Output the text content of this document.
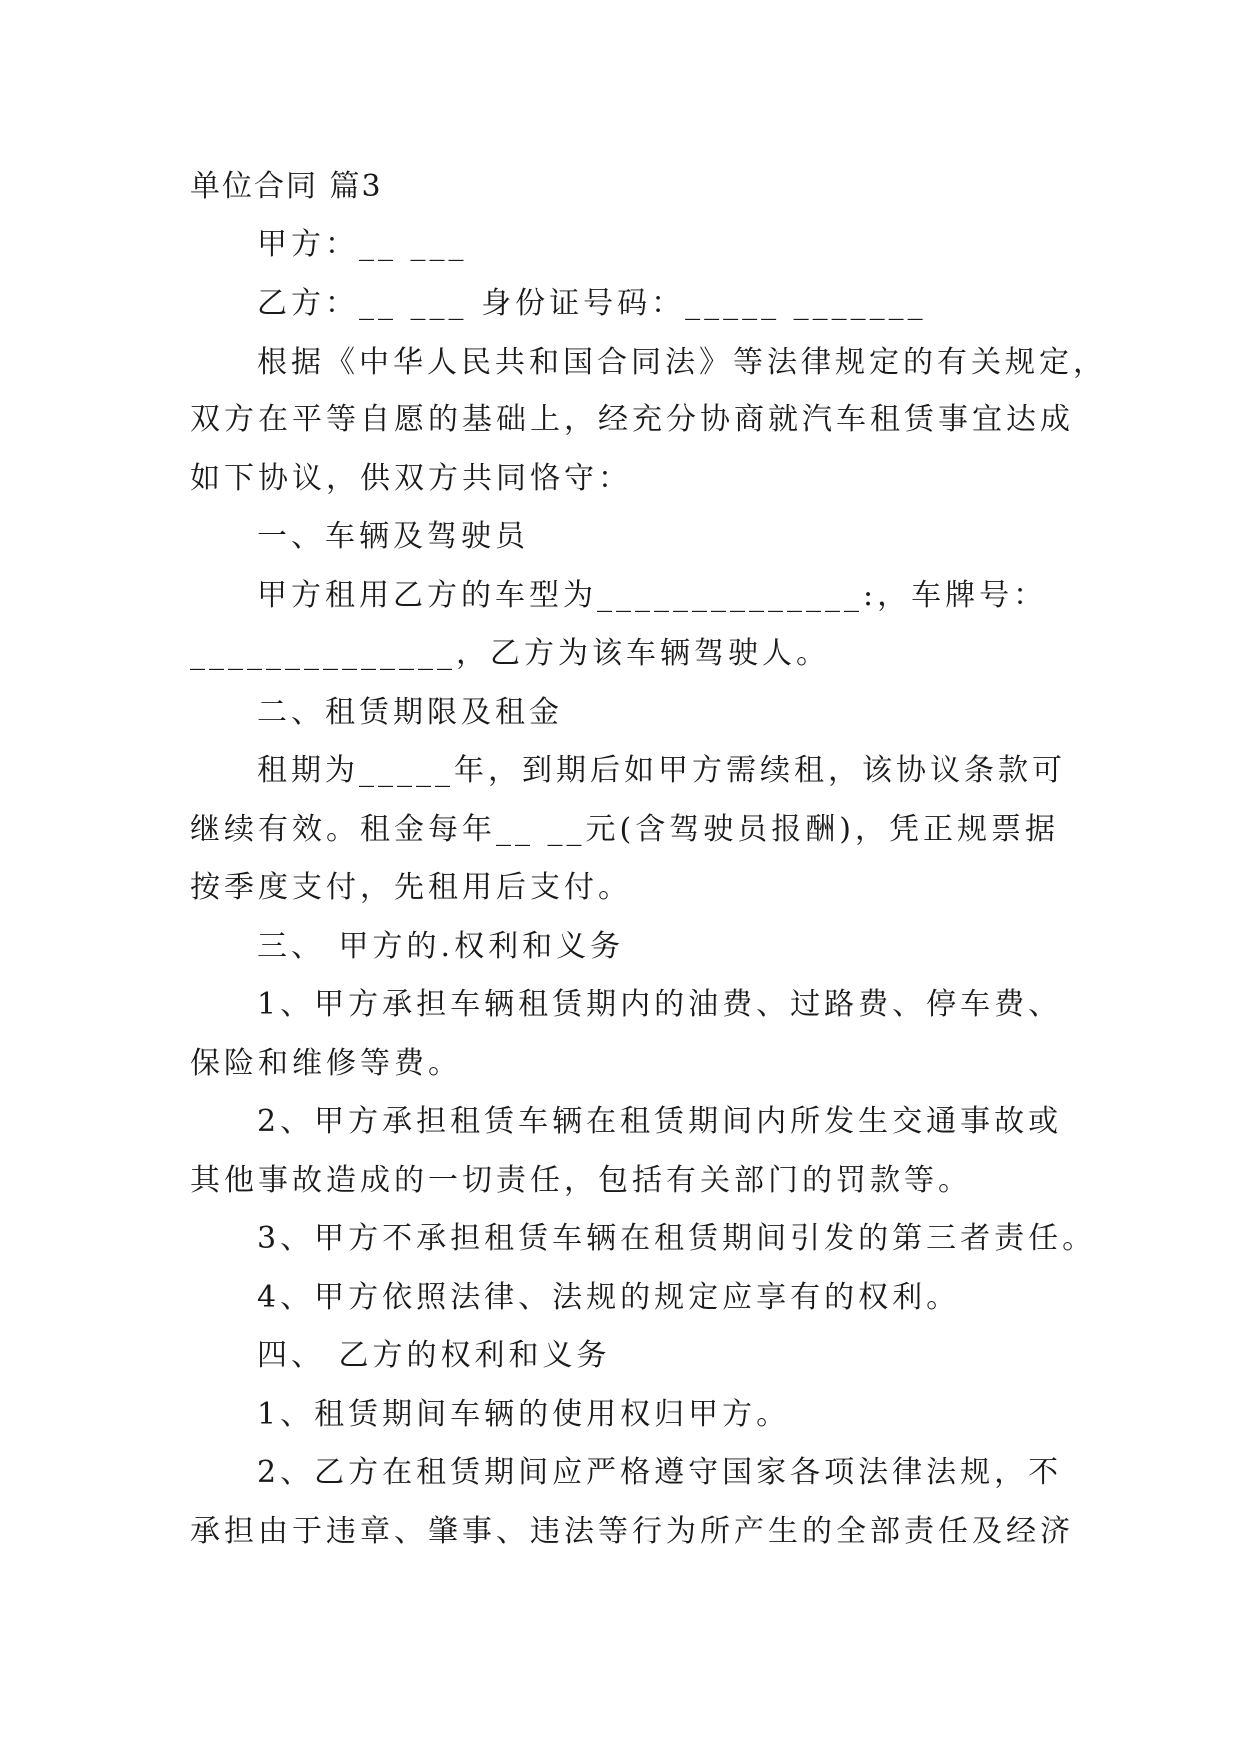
单位合同 篇3
甲方：__ ___
乙方：__ ___ 身份证号码：_____ _______
根据《中华人民共和国合同法》等法律规定的有关规定，
双方在平等自愿的基础上，经充分协商就汽车租赁事宜达成
如下协议，供双方共同恪守：
一、车辆及驾驶员
甲方租用乙方的车型为______________:，车牌号：
______________，乙方为该车辆驾驶人。
二、租赁期限及租金
租期为_____年，到期后如甲方需续租，该协议条款可
继续有效。租金每年__ __元(含驾驶员报酬)，凭正规票据
按季度支付，先租用后支付。
三、 甲方的.权利和义务
1、甲方承担车辆租赁期内的油费、过路费、停车费、
保险和维修等费。
2、甲方承担租赁车辆在租赁期间内所发生交通事故或
其他事故造成的一切责任，包括有关部门的罚款等。
3、甲方不承担租赁车辆在租赁期间引发的第三者责任。
4、甲方依照法律、法规的规定应享有的权利。
四、 乙方的权利和义务
1、租赁期间车辆的使用权归甲方。
2、乙方在租赁期间应严格遵守国家各项法律法规，不
承担由于违章、肇事、违法等行为所产生的全部责任及经济
